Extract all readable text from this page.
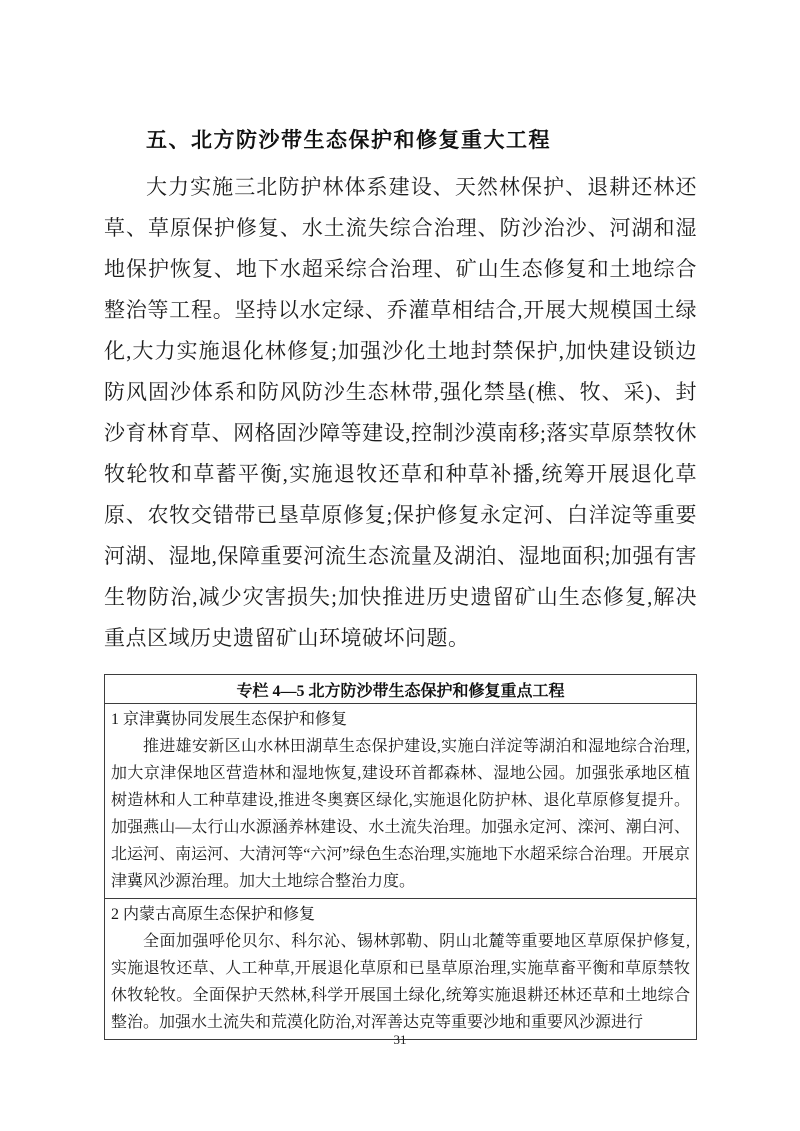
五、北方防沙带生态保护和修复重大工程

大力实施三北防护林体系建设、天然林保护、退耕还林还草、草原保护修复、水土流失综合治理、防沙治沙、河湖和湿地保护恢复、地下水超采综合治理、矿山生态修复和土地综合整治等工程。坚持以水定绿、乔灌草相结合,开展大规模国土绿化,大力实施退化林修复;加强沙化土地封禁保护,加快建设锁边防风固沙体系和防风防沙生态林带,强化禁垦(樵、牧、采)、封沙育林育草、网格固沙障等建设,控制沙漠南移;落实草原禁牧休牧轮牧和草蓄平衡,实施退牧还草和种草补播,统筹开展退化草原、农牧交错带已垦草原修复;保护修复永定河、白洋淀等重要河湖、湿地,保障重要河流生态流量及湖泊、湿地面积;加强有害生物防治,减少灾害损失;加快推进历史遗留矿山生态修复,解决重点区域历史遗留矿山环境破坏问题。

专栏 4—5 北方防沙带生态保护和修复重点工程

1 京津冀协同发展生态保护和修复

推进雄安新区山水林田湖草生态保护建设,实施白洋淀等湖泊和湿地综合治理,加大京津保地区营造林和湿地恢复,建设环首都森林、湿地公园。加强张承地区植树造林和人工种草建设,推进冬奥赛区绿化,实施退化防护林、退化草原修复提升。加强燕山—太行山水源涵养林建设、水土流失治理。加强永定河、滦河、潮白河、北运河、南运河、大清河等“六河”绿色生态治理,实施地下水超采综合治理。开展京津冀风沙源治理。加大土地综合整治力度。

2 内蒙古高原生态保护和修复

全面加强呼伦贝尔、科尔沁、锡林郭勒、阴山北麓等重要地区草原保护修复,实施退牧还草、人工种草,开展退化草原和已垦草原治理,实施草畜平衡和草原禁牧休牧轮牧。全面保护天然林,科学开展国土绿化,统筹实施退耕还林还草和土地综合整治。加强水土流失和荒漠化防治,对浑善达克等重要沙地和重要风沙源进行

31
